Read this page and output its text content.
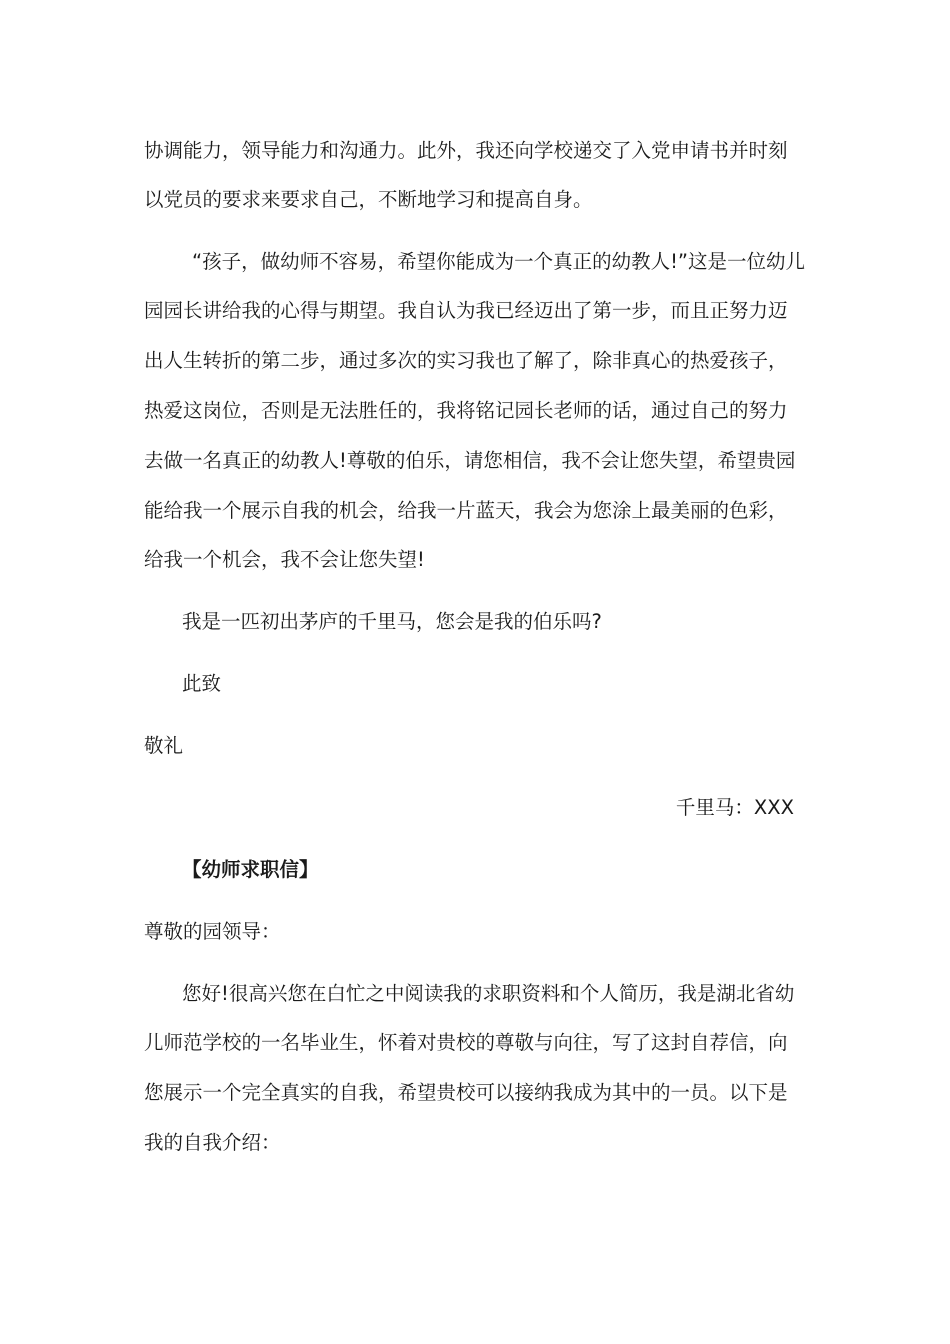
协调能力，领导能力和沟通力。此外，我还向学校递交了入党申请书并时刻

以党员的要求来要求自己，不断地学习和提高自身。

“孩子，做幼师不容易，希望你能成为一个真正的幼教人!”这是一位幼儿

园园长讲给我的心得与期望。我自认为我已经迈出了第一步，而且正努力迈

出人生转折的第二步，通过多次的实习我也了解了，除非真心的热爱孩子，

热爱这岗位，否则是无法胜任的，我将铭记园长老师的话，通过自己的努力

去做一名真正的幼教人!尊敬的伯乐，请您相信，我不会让您失望，希望贵园

能给我一个展示自我的机会，给我一片蓝天，我会为您涂上最美丽的色彩，

给我一个机会，我不会让您失望!

我是一匹初出茅庐的千里马，您会是我的伯乐吗?

此致

敬礼

千里马：XXX

【幼师求职信】

尊敬的园领导：

您好!很高兴您在白忙之中阅读我的求职资料和个人简历，我是湖北省幼

儿师范学校的一名毕业生，怀着对贵校的尊敬与向往，写了这封自荐信，向

您展示一个完全真实的自我，希望贵校可以接纳我成为其中的一员。以下是

我的自我介绍：
